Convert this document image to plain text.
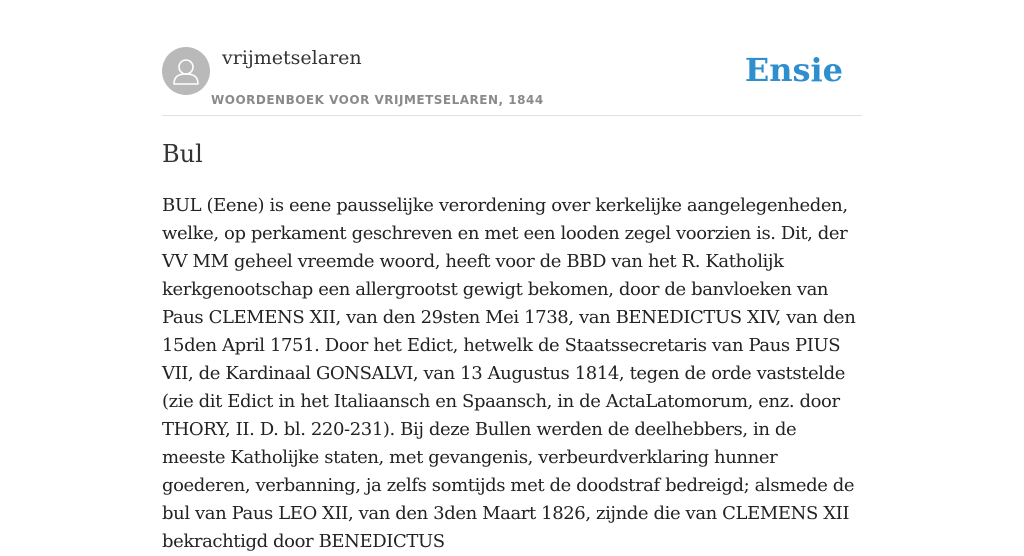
vrijmetselaren
WOORDENBOEK VOOR VRIJMETSELAREN, 1844
Ensie
Bul

BUL (Eene) is eene pausselijke verordening over kerkelijke aangelegenheden, welke, op perkament geschreven en met een looden zegel voorzien is. Dit, der VV MM geheel vreemde woord, heeft voor de BBD van het R. Katholijk kerkgenootschap een allergrootst gewigt bekomen, door de banvloeken van Paus CLEMENS XII, van den 29sten Mei 1738, van BENEDICTUS XIV, van den 15den April 1751. Door het Edict, hetwelk de Staatssecretaris van Paus PIUS VII, de Kardinaal GONSALVI, van 13 Augustus 1814, tegen de orde vaststelde (zie dit Edict in het Italiaansch en Spaansch, in de ActaLatomorum, enz. door THORY, II. D. bl. 220-231). Bij deze Bullen werden de deelhebbers, in de meeste Katholijke staten, met gevangenis, verbeurdverklaring hunner goederen, verbanning, ja zelfs somtijds met de doodstraf bedreigd; alsmede de bul van Paus LEO XII, van den 3den Maart 1826, zijnde die van CLEMENS XII bekrachtigd door BENEDICTUS
